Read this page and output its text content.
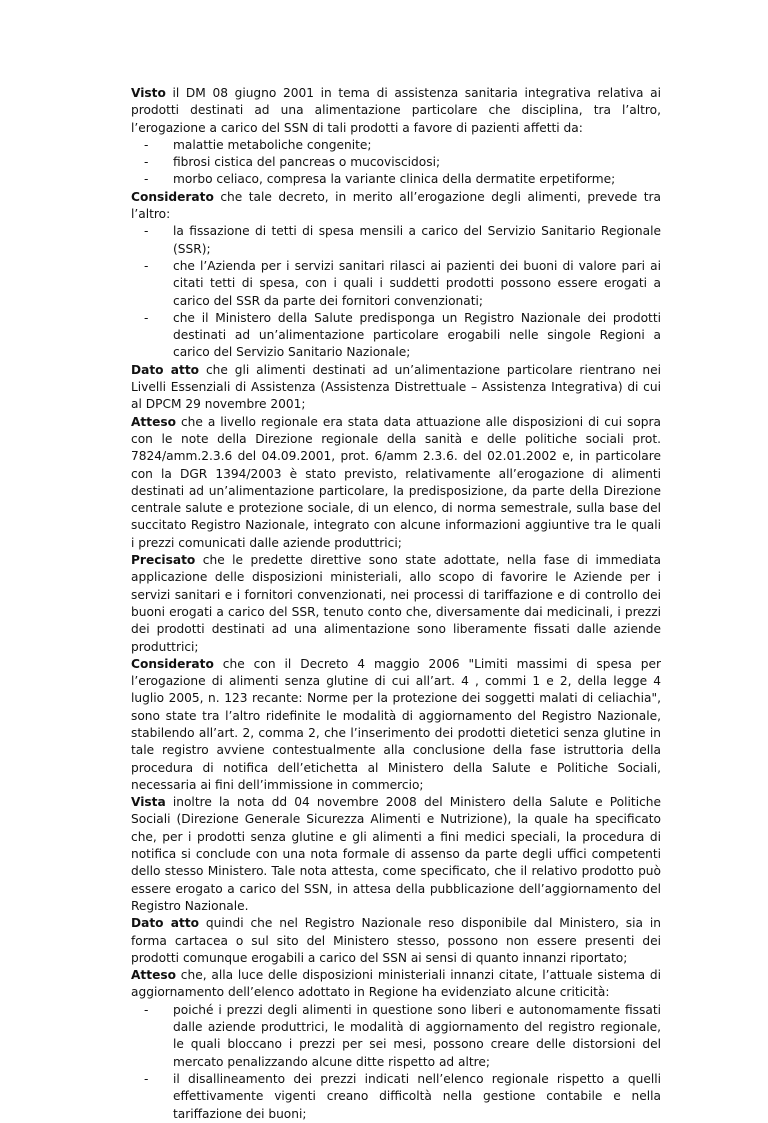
Visto il DM 08 giugno 2001 in tema di assistenza sanitaria integrativa relativa ai prodotti destinati ad una alimentazione particolare che disciplina, tra l’altro, l’erogazione a carico del SSN di tali prodotti a favore di pazienti affetti da:

- malattie metaboliche congenite;
- fibrosi cistica del pancreas o mucoviscidosi;
- morbo celiaco, compresa la variante clinica della dermatite erpetiforme;

Considerato che tale decreto, in merito all’erogazione degli alimenti, prevede tra l’altro:

- la fissazione di tetti di spesa mensili a carico del Servizio Sanitario Regionale (SSR);
- che l’Azienda per i servizi sanitari rilasci ai pazienti dei buoni di valore pari ai citati tetti di spesa, con i quali i suddetti prodotti possono essere erogati a carico del SSR da parte dei fornitori convenzionati;
- che il Ministero della Salute predisponga un Registro Nazionale dei prodotti destinati ad un’alimentazione particolare erogabili nelle singole Regioni a carico del Servizio Sanitario Nazionale;

Dato atto che gli alimenti destinati ad un’alimentazione particolare rientrano nei Livelli Essenziali di Assistenza (Assistenza Distrettuale – Assistenza Integrativa) di cui al DPCM 29 novembre 2001;

Atteso che a livello regionale era stata data attuazione alle disposizioni di cui sopra con le note della Direzione regionale della sanità e delle politiche sociali prot. 7824/amm.2.3.6 del 04.09.2001, prot. 6/amm 2.3.6. del 02.01.2002 e, in particolare con la DGR 1394/2003 è stato previsto, relativamente all’erogazione di alimenti destinati ad un’alimentazione particolare, la predisposizione, da parte della Direzione centrale salute e protezione sociale, di un elenco, di norma semestrale, sulla base del succitato Registro Nazionale, integrato con alcune informazioni aggiuntive tra le quali i prezzi comunicati dalle aziende produttrici;

Precisato che le predette direttive sono state adottate, nella fase di immediata applicazione delle disposizioni ministeriali, allo scopo di favorire le Aziende per i servizi sanitari e i fornitori convenzionati, nei processi di tariffazione e di controllo dei buoni erogati a carico del SSR, tenuto conto che, diversamente dai medicinali, i prezzi dei prodotti destinati ad una alimentazione sono liberamente fissati dalle aziende produttrici;

Considerato che con il Decreto 4 maggio 2006 "Limiti massimi di spesa per l’erogazione di alimenti senza glutine di cui all’art. 4 , commi 1 e 2, della legge 4 luglio 2005, n. 123 recante: Norme per la protezione dei soggetti malati di celiachia", sono state tra l’altro ridefinite le modalità di aggiornamento del Registro Nazionale, stabilendo all’art. 2, comma 2, che l’inserimento dei prodotti dietetici senza glutine in tale registro avviene contestualmente alla conclusione della fase istruttoria della procedura di notifica dell’etichetta al Ministero della Salute e Politiche Sociali, necessaria ai fini dell’immissione in commercio;

Vista inoltre la nota dd 04 novembre 2008 del Ministero della Salute e Politiche Sociali (Direzione Generale Sicurezza Alimenti e Nutrizione), la quale ha specificato che, per i prodotti senza glutine e gli alimenti a fini medici speciali, la procedura di notifica si conclude con una nota formale di assenso da parte degli uffici competenti dello stesso Ministero. Tale nota attesta, come specificato, che il relativo prodotto può essere erogato a carico del SSN, in attesa della pubblicazione dell’aggiornamento del Registro Nazionale.

Dato atto quindi che nel Registro Nazionale reso disponibile dal Ministero, sia in forma cartacea o sul sito del Ministero stesso, possono non essere presenti dei prodotti comunque erogabili a carico del SSN ai sensi di quanto innanzi riportato;

Atteso che, alla luce delle disposizioni ministeriali innanzi citate, l’attuale sistema di aggiornamento dell’elenco adottato in Regione ha evidenziato alcune criticità:

- poiché i prezzi degli alimenti in questione sono liberi e autonomamente fissati dalle aziende produttrici, le modalità di aggiornamento del registro regionale, le quali bloccano i prezzi per sei mesi, possono creare delle distorsioni del mercato penalizzando alcune ditte rispetto ad altre;
- il disallineamento dei prezzi indicati nell’elenco regionale rispetto a quelli effettivamente vigenti creano difficoltà nella gestione contabile e nella tariffazione dei buoni;
